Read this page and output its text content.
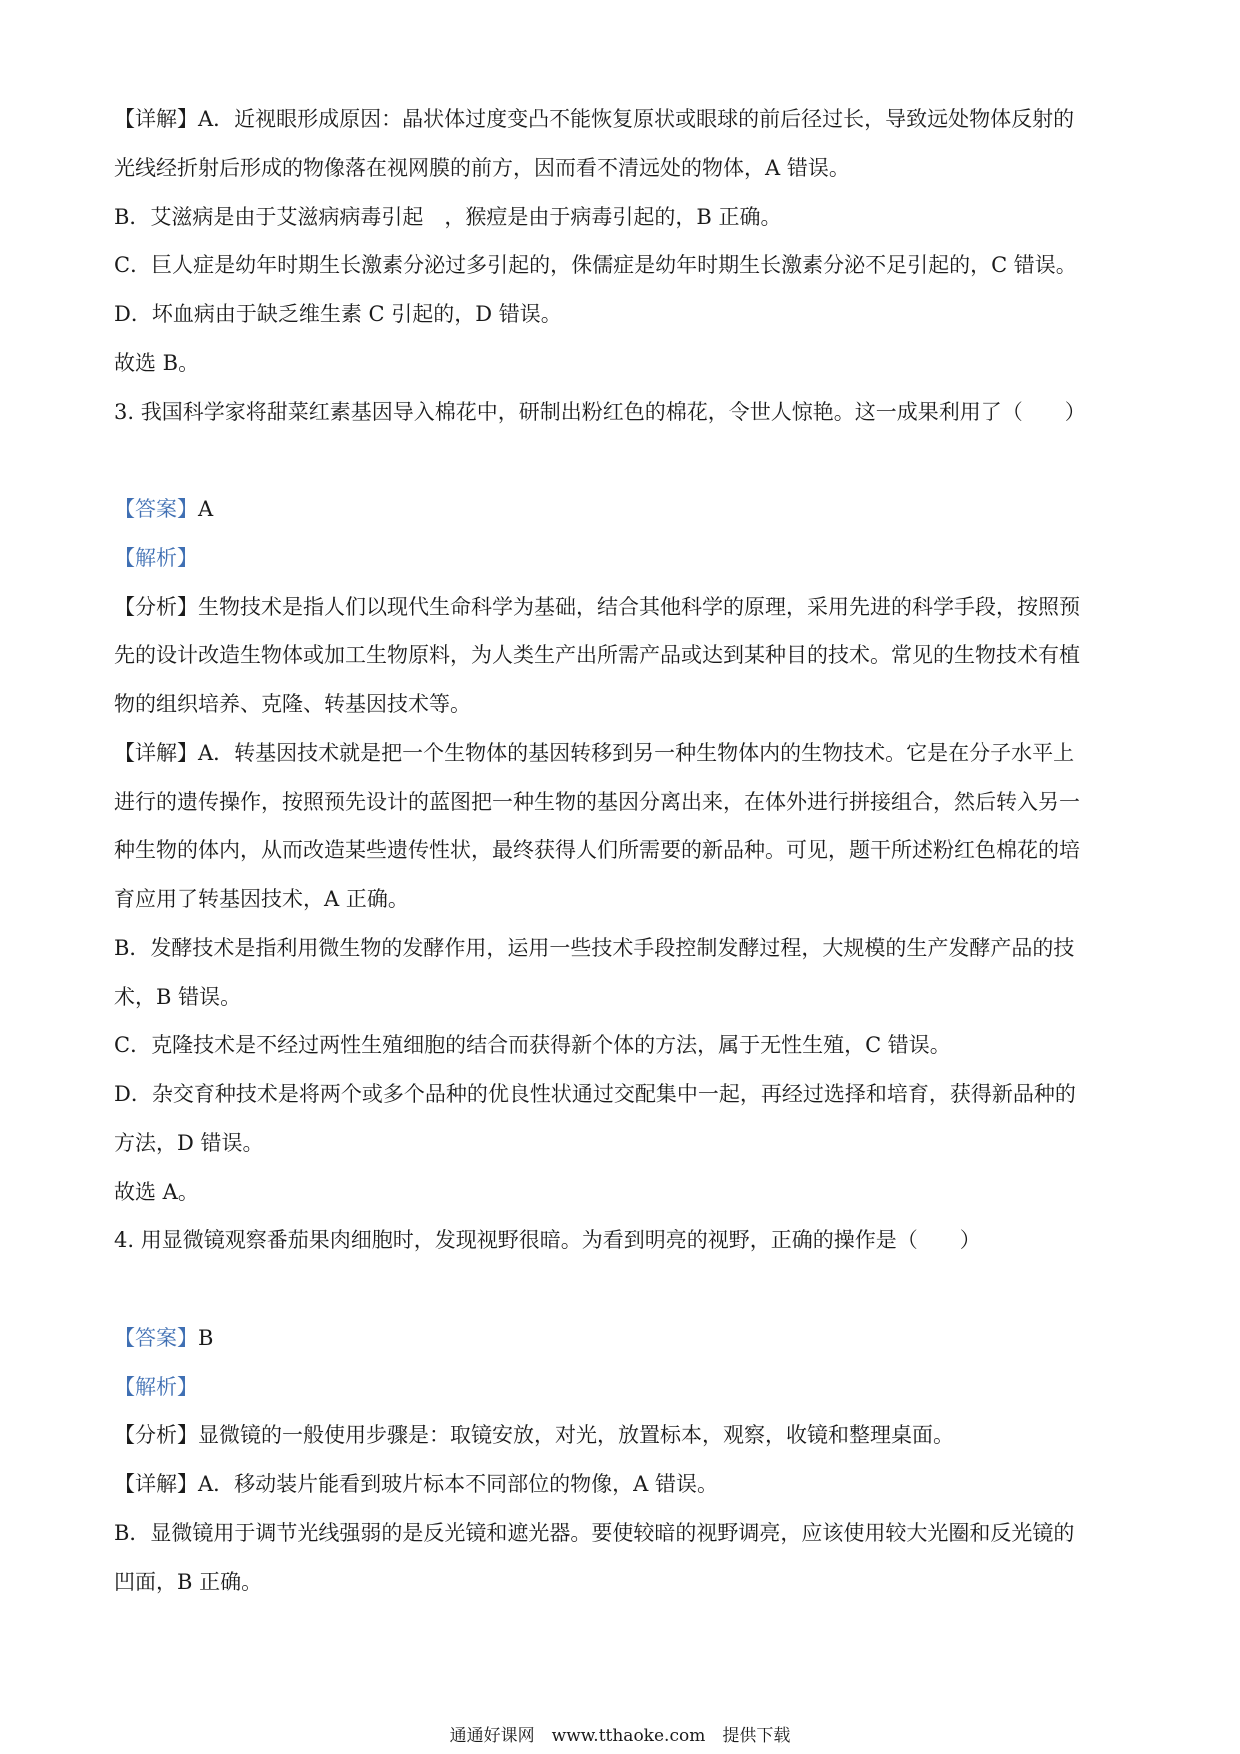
【详解】A．近视眼形成原因：晶状体过度变凸不能恢复原状或眼球的前后径过长，导致远处物体反射的
光线经折射后形成的物像落在视网膜的前方，因而看不清远处的物体，A 错误。
B．艾滋病是由于艾滋病病毒引起　，猴痘是由于病毒引起的，B 正确。
C．巨人症是幼年时期生长激素分泌过多引起的，侏儒症是幼年时期生长激素分泌不足引起的，C 错误。
D．坏血病由于缺乏维生素 C 引起的，D 错误。
故选 B。
3. 我国科学家将甜菜红素基因导入棉花中，研制出粉红色的棉花，令世人惊艳。这一成果利用了（　　）
【答案】A
【解析】
【分析】生物技术是指人们以现代生命科学为基础，结合其他科学的原理，采用先进的科学手段，按照预
先的设计改造生物体或加工生物原料，为人类生产出所需产品或达到某种目的技术。常见的生物技术有植
物的组织培养、克隆、转基因技术等。
【详解】A．转基因技术就是把一个生物体的基因转移到另一种生物体内的生物技术。它是在分子水平上
进行的遗传操作，按照预先设计的蓝图把一种生物的基因分离出来，在体外进行拼接组合，然后转入另一
种生物的体内，从而改造某些遗传性状，最终获得人们所需要的新品种。可见，题干所述粉红色棉花的培
育应用了转基因技术，A 正确。
B．发酵技术是指利用微生物的发酵作用，运用一些技术手段控制发酵过程，大规模的生产发酵产品的技
术，B 错误。
C．克隆技术是不经过两性生殖细胞的结合而获得新个体的方法，属于无性生殖，C 错误。
D．杂交育种技术是将两个或多个品种的优良性状通过交配集中一起，再经过选择和培育，获得新品种的
方法，D 错误。
故选 A。
4. 用显微镜观察番茄果肉细胞时，发现视野很暗。为看到明亮的视野，正确的操作是（　　）
【答案】B
【解析】
【分析】显微镜的一般使用步骤是：取镜安放，对光，放置标本，观察，收镜和整理桌面。
【详解】A．移动装片能看到玻片标本不同部位的物像，A 错误。
B．显微镜用于调节光线强弱的是反光镜和遮光器。要使较暗的视野调亮，应该使用较大光圈和反光镜的
凹面，B 正确。
通通好课网　www.tthaoke.com　提供下载
